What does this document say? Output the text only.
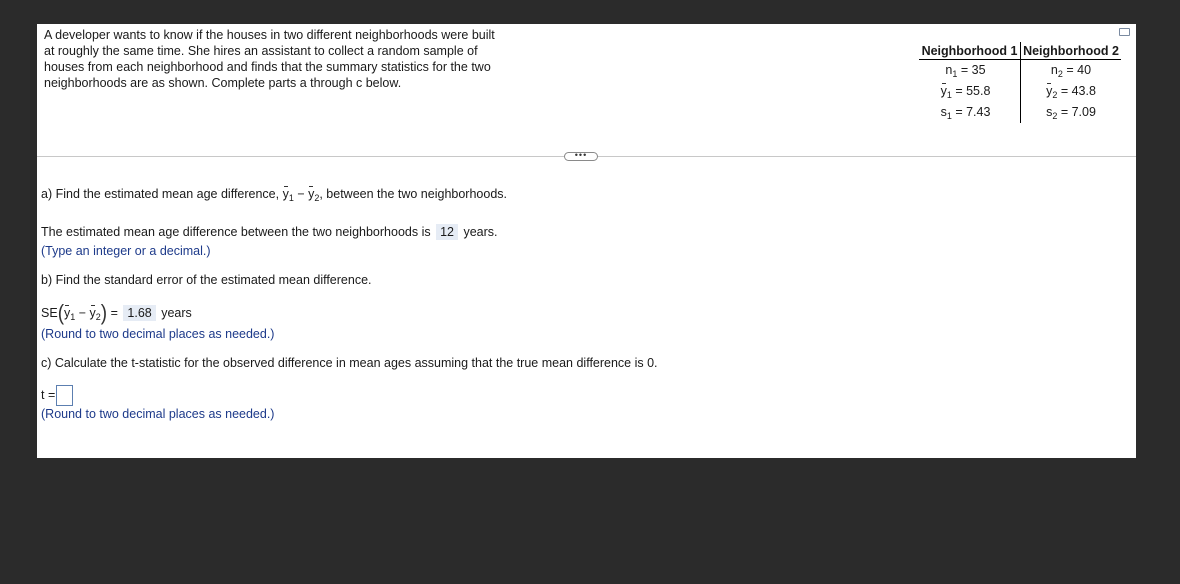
A developer wants to know if the houses in two different neighborhoods were built at roughly the same time. She hires an assistant to collect a random sample of houses from each neighborhood and finds that the summary statistics for the two neighborhoods are as shown. Complete parts a through c below.
Neighborhood 1	Neighborhood 2
$n_1 = 35$	$n_2 = 40$
$y_1 = 55.8$	$y_2 = 43.8$
$s_1 = 7.43$	$s_2 = 7.09$
•••
a) Find the estimated mean age difference, $y_1 - y_2$, between the two neighborhoods.
The estimated mean age difference between the two neighborhoods is 12 years.
(Type an integer or a decimal.)
b) Find the standard error of the estimated mean difference.
$SE(y_1 - y_2) = 1.68$ years
(Round to two decimal places as needed.)
c) Calculate the t-statistic for the observed difference in mean ages assuming that the true mean difference is 0.
t =
(Round to two decimal places as needed.)
